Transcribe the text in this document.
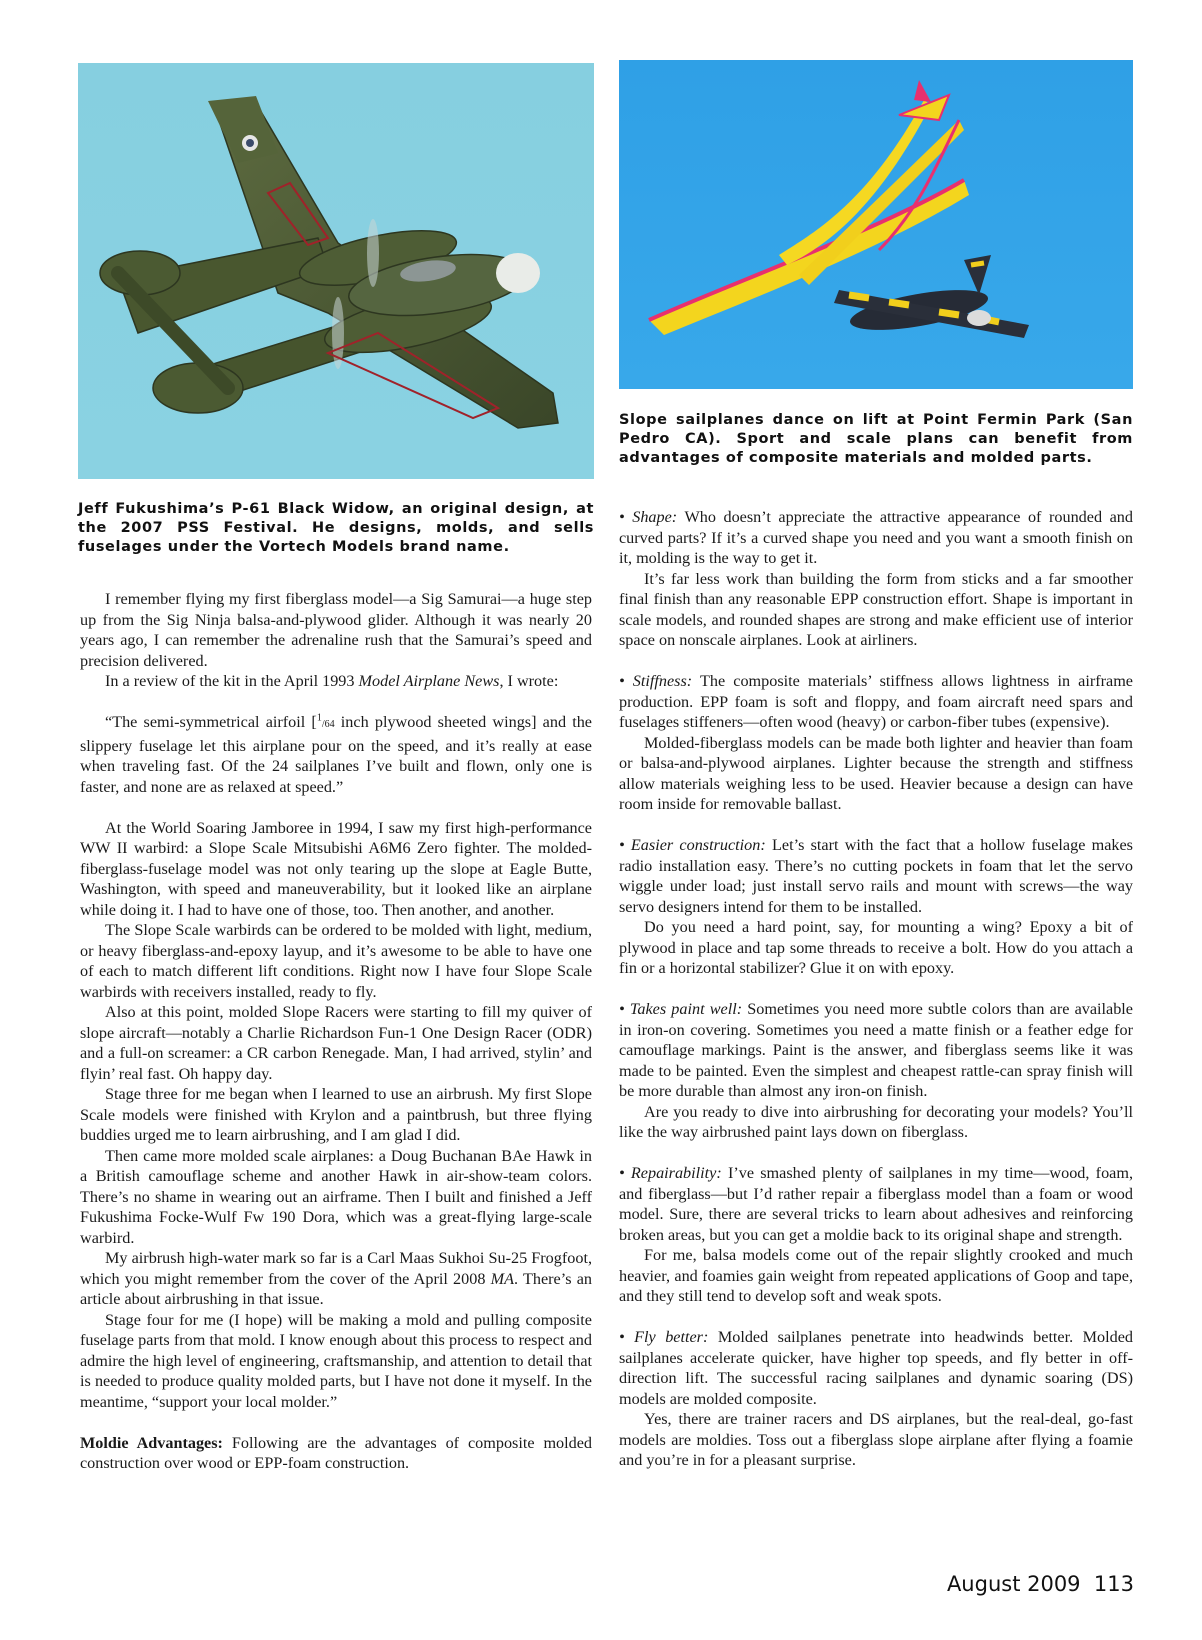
Slope sailplanes dance on lift at Point Fermin Park (San Pedro CA). Sport and scale plans can benefit from advantages of composite materials and molded parts.
Jeff Fukushima’s P-61 Black Widow, an original design, at the 2007 PSS Festival. He designs, molds, and sells fuselages under the Vortech Models brand name.

I remember flying my first fiberglass model—a Sig Samurai—a huge step up from the Sig Ninja balsa-and-plywood glider. Although it was nearly 20 years ago, I can remember the adrenaline rush that the Samurai’s speed and precision delivered.

In a review of the kit in the April 1993 Model Airplane News, I wrote:

“The semi-symmetrical airfoil [$^1$/64 inch plywood sheeted wings] and the slippery fuselage let this airplane pour on the speed, and it’s really at ease when traveling fast. Of the 24 sailplanes I’ve built and flown, only one is faster, and none are as relaxed at speed.”

At the World Soaring Jamboree in 1994, I saw my first high-performance WW II warbird: a Slope Scale Mitsubishi A6M6 Zero fighter. The molded-fiberglass-fuselage model was not only tearing up the slope at Eagle Butte, Washington, with speed and maneuverability, but it looked like an airplane while doing it. I had to have one of those, too. Then another, and another.

The Slope Scale warbirds can be ordered to be molded with light, medium, or heavy fiberglass-and-epoxy layup, and it’s awesome to be able to have one of each to match different lift conditions. Right now I have four Slope Scale warbirds with receivers installed, ready to fly.

Also at this point, molded Slope Racers were starting to fill my quiver of slope aircraft—notably a Charlie Richardson Fun-1 One Design Racer (ODR) and a full-on screamer: a CR carbon Renegade. Man, I had arrived, stylin’ and flyin’ real fast. Oh happy day.

Stage three for me began when I learned to use an airbrush. My first Slope Scale models were finished with Krylon and a paintbrush, but three flying buddies urged me to learn airbrushing, and I am glad I did.

Then came more molded scale airplanes: a Doug Buchanan BAe Hawk in a British camouflage scheme and another Hawk in air-show-team colors. There’s no shame in wearing out an airframe. Then I built and finished a Jeff Fukushima Focke-Wulf Fw 190 Dora, which was a great-flying large-scale warbird.

My airbrush high-water mark so far is a Carl Maas Sukhoi Su-25 Frogfoot, which you might remember from the cover of the April 2008 MA. There’s an article about airbrushing in that issue.

Stage four for me (I hope) will be making a mold and pulling composite fuselage parts from that mold. I know enough about this process to respect and admire the high level of engineering, craftsmanship, and attention to detail that is needed to produce quality molded parts, but I have not done it myself. In the meantime, “support your local molder.”

Moldie Advantages: Following are the advantages of composite molded construction over wood or EPP-foam construction.

• Shape: Who doesn’t appreciate the attractive appearance of rounded and curved parts? If it’s a curved shape you need and you want a smooth finish on it, molding is the way to get it.

It’s far less work than building the form from sticks and a far smoother final finish than any reasonable EPP construction effort. Shape is important in scale models, and rounded shapes are strong and make efficient use of interior space on nonscale airplanes. Look at airliners.

• Stiffness: The composite materials’ stiffness allows lightness in airframe production. EPP foam is soft and floppy, and foam aircraft need spars and fuselages stiffeners—often wood (heavy) or carbon-fiber tubes (expensive).

Molded-fiberglass models can be made both lighter and heavier than foam or balsa-and-plywood airplanes. Lighter because the strength and stiffness allow materials weighing less to be used. Heavier because a design can have room inside for removable ballast.

• Easier construction: Let’s start with the fact that a hollow fuselage makes radio installation easy. There’s no cutting pockets in foam that let the servo wiggle under load; just install servo rails and mount with screws—the way servo designers intend for them to be installed.

Do you need a hard point, say, for mounting a wing? Epoxy a bit of plywood in place and tap some threads to receive a bolt. How do you attach a fin or a horizontal stabilizer? Glue it on with epoxy.

• Takes paint well: Sometimes you need more subtle colors than are available in iron-on covering. Sometimes you need a matte finish or a feather edge for camouflage markings. Paint is the answer, and fiberglass seems like it was made to be painted. Even the simplest and cheapest rattle-can spray finish will be more durable than almost any iron-on finish.

Are you ready to dive into airbrushing for decorating your models? You’ll like the way airbrushed paint lays down on fiberglass.

• Repairability: I’ve smashed plenty of sailplanes in my time—wood, foam, and fiberglass—but I’d rather repair a fiberglass model than a foam or wood model. Sure, there are several tricks to learn about adhesives and reinforcing broken areas, but you can get a moldie back to its original shape and strength.

For me, balsa models come out of the repair slightly crooked and much heavier, and foamies gain weight from repeated applications of Goop and tape, and they still tend to develop soft and weak spots.

• Fly better: Molded sailplanes penetrate into headwinds better. Molded sailplanes accelerate quicker, have higher top speeds, and fly better in off-direction lift. The successful racing sailplanes and dynamic soaring (DS) models are molded composite.

Yes, there are trainer racers and DS airplanes, but the real-deal, go-fast models are moldies. Toss out a fiberglass slope airplane after flying a foamie and you’re in for a pleasant surprise.

August 2009 113
